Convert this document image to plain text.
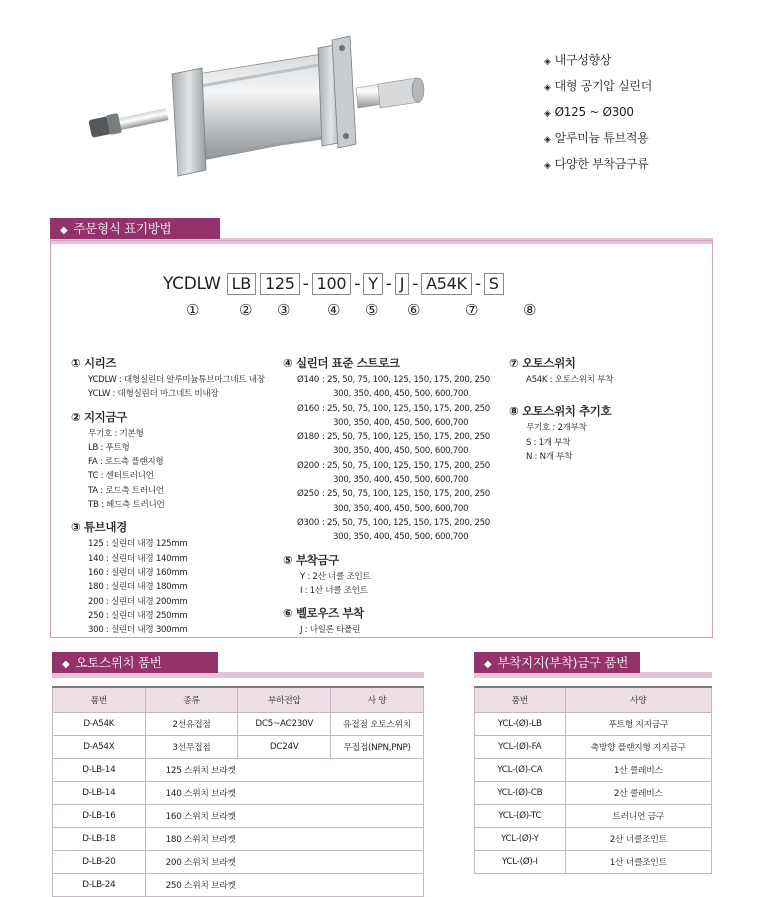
◈ 내구성향상
◈ 대형 공기압 실린더
◈ Ø125 ~ Ø300
◈ 알루미늄 튜브적용
◈ 다양한 부착금구류
◆ 주문형식 표기방법
YCDLW LB 125 - 100 - Y - J - A54K - S
①	② ③ ④ ⑤ ⑥	⑦	⑧
① 시리즈
YCDLW : 대형실린더 알루미늄튜브마그네트 내장
YCLW : 대형실린더 마그네트 비내장
② 지지금구
무기호 : 기본형
LB : 푸트형
FA : 로드측 플랜지형
TC : 센터트러니언
TA : 로드측 트러니언
TB : 헤드측 트러니언
③ 튜브내경
125 : 실린더 내경 125mm
140 : 실린더 내경 140mm
160 : 실린더 내경 160mm
180 : 실린더 내경 180mm
200 : 실린더 내경 200mm
250 : 실린더 내경 250mm
300 : 실린더 내경 300mm
④ 실린더 표준 스트로크
Ø140 : 25, 50, 75, 100, 125, 150, 175, 200, 250
300, 350, 400, 450, 500, 600,700
Ø160 : 25, 50, 75, 100, 125, 150, 175, 200, 250
300, 350, 400, 450, 500, 600,700
Ø180 : 25, 50, 75, 100, 125, 150, 175, 200, 250
300, 350, 400, 450, 500, 600,700
Ø200 : 25, 50, 75, 100, 125, 150, 175, 200, 250
300, 350, 400, 450, 500, 600,700
Ø250 : 25, 50, 75, 100, 125, 150, 175, 200, 250
300, 350, 400, 450, 500, 600,700
Ø300 : 25, 50, 75, 100, 125, 150, 175, 200, 250
300, 350, 400, 450, 500, 600,700
⑤ 부착금구
Y : 2산 너클 조인트
I : 1산 너클 조인트
⑥ 벨로우즈 부착
J : 나일론 타폴린
⑦ 오토스위치
A54K : 오토스위치 부착
⑧ 오토스위치 추기호
무기호 : 2개부착
S : 1개 부착
N : N개 부착
◆ 오토스위치 품번
품번	종류	부하전압	사 양
D-A54K	2선유접점	DC5~AC230V	유접점 오토스위치
D-A54X	3선무접점	DC24V	무접점(NPN,PNP)
D-LB-14	125 스위치 브라켓		
D-LB-14	140 스위치 브라켓		
D-LB-16	160 스위치 브라켓		
D-LB-18	180 스위치 브라켓		
D-LB-20	200 스위치 브라켓		
D-LB-24	250 스위치 브라켓		
◆ 부착지지(부착)금구 품번
품번	사양
YCL-(Ø)-LB	푸트형 지지금구
YCL-(Ø)-FA	축방향 플랜지형 지지금구
YCL-(Ø)-CA	1산 클레비스
YCL-(Ø)-CB	2산 클레비스
YCL-(Ø)-TC	트러니언 금구
YCL-(Ø)-Y	2산 너클조인트
YCL-(Ø)-I	1산 너클조인트
